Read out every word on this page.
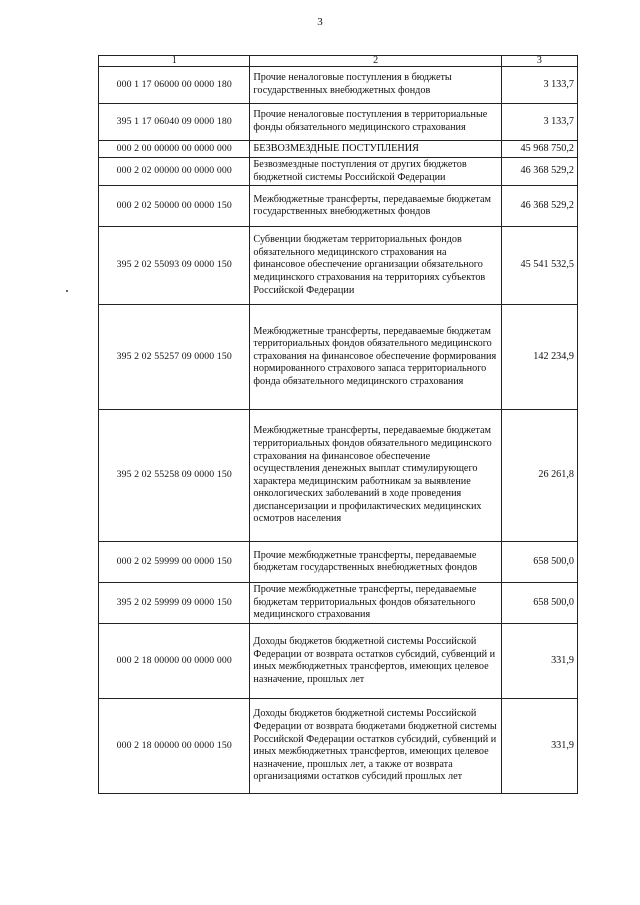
3
1	2	3
000 1 17 06000 00 0000 180	Прочие неналоговые поступления в бюджеты государственных внебюджетных фондов	3 133,7
395 1 17 06040 09 0000 180	Прочие неналоговые поступления в территориальные фонды обязательного медицинского страхования	3 133,7
000 2 00 00000 00 0000 000	БЕЗВОЗМЕЗДНЫЕ ПОСТУПЛЕНИЯ	45 968 750,2
000 2 02 00000 00 0000 000	Безвозмездные поступления от других бюджетов бюджетной системы Российской Федерации	46 368 529,2
000 2 02 50000 00 0000 150	Межбюджетные трансферты, передаваемые бюджетам государственных внебюджетных фондов	46 368 529,2
395 2 02 55093 09 0000 150	Субвенции бюджетам территориальных фондов обязательного медицинского страхования на финансовое обеспечение организации обязательного медицинского страхования на территориях субъектов Российской Федерации	45 541 532,5
395 2 02 55257 09 0000 150	Межбюджетные трансферты, передаваемые бюджетам территориальных фондов обязательного медицинского страхования на финансовое обеспечение формирования нормированного страхового запаса территориального фонда обязательного медицинского страхования	142 234,9
395 2 02 55258 09 0000 150	Межбюджетные трансферты, передаваемые бюджетам территориальных фондов обязательного медицинского страхования на финансовое обеспечение осуществления денежных выплат стимулирующего характера медицинским работникам за выявление онкологических заболеваний в ходе проведения диспансеризации и профилактических медицинских осмотров населения	26 261,8
000 2 02 59999 00 0000 150	Прочие межбюджетные трансферты, передаваемые бюджетам государственных внебюджетных фондов	658 500,0
395 2 02 59999 09 0000 150	Прочие межбюджетные трансферты, передаваемые бюджетам территориальных фондов обязательного медицинского страхования	658 500,0
000 2 18 00000 00 0000 000	Доходы бюджетов бюджетной системы Российской Федерации от возврата остатков субсидий, субвенций и иных межбюджетных трансфертов, имеющих целевое назначение, прошлых лет	331,9
000 2 18 00000 00 0000 150	Доходы бюджетов бюджетной системы Российской Федерации от возврата бюджетами бюджетной системы Российской Федерации остатков субсидий, субвенций и иных межбюджетных трансфертов, имеющих целевое назначение, прошлых лет, а также от возврата организациями остатков субсидий прошлых лет	331,9
